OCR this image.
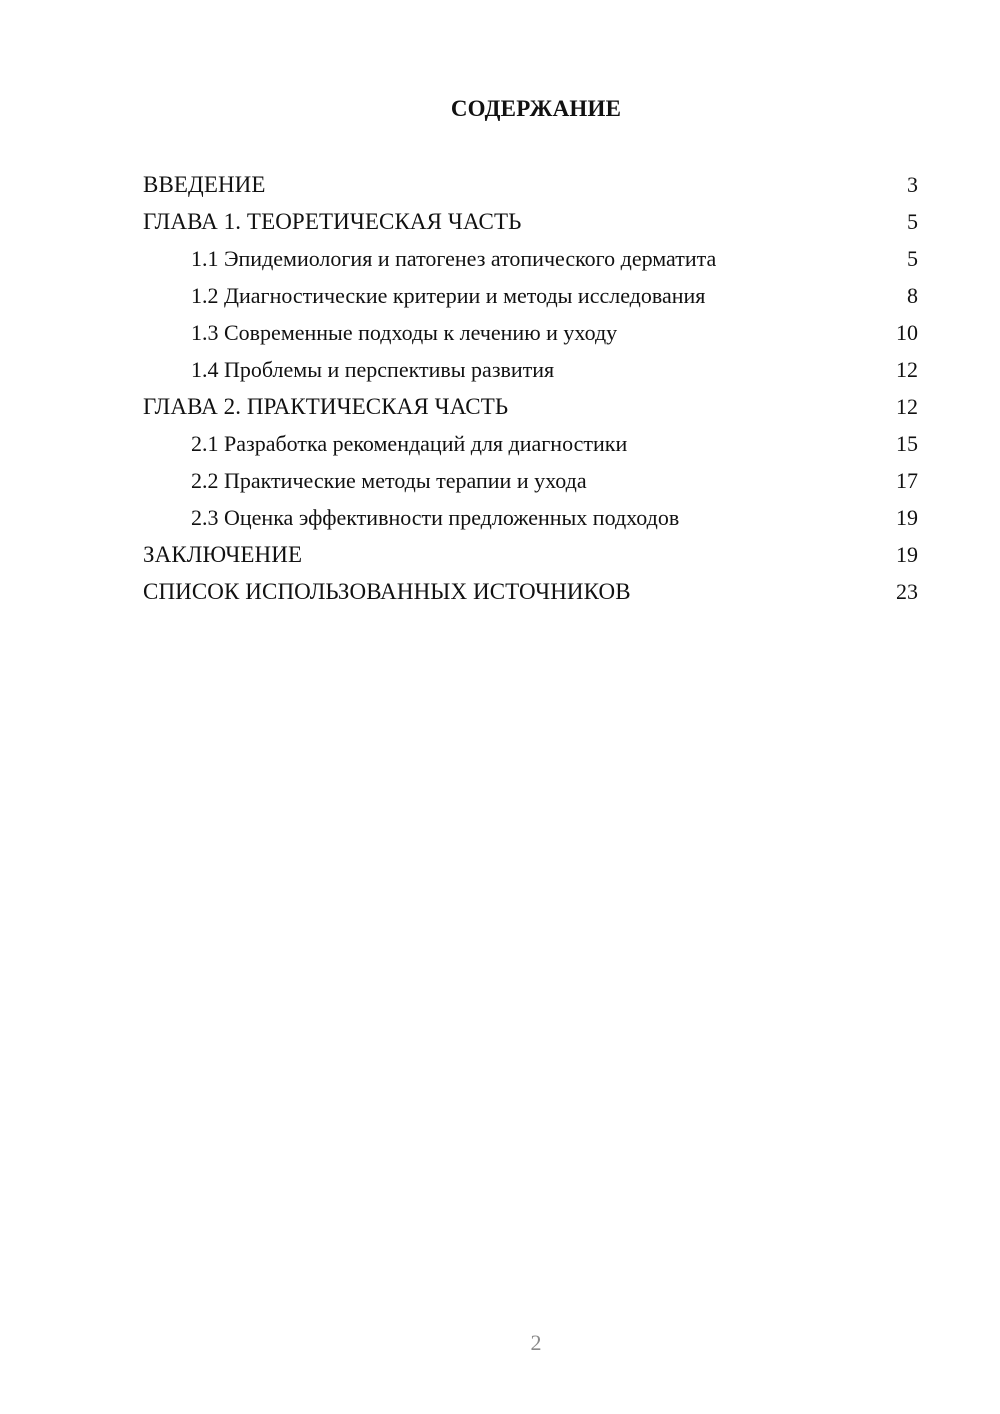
СОДЕРЖАНИЕ
ВВЕДЕНИЕ	3
ГЛАВА 1. ТЕОРЕТИЧЕСКАЯ ЧАСТЬ	5
1.1 Эпидемиология и патогенез атопического дерматита	5
1.2 Диагностические критерии и методы исследования	8
1.3 Современные подходы к лечению и уходу	10
1.4 Проблемы и перспективы развития	12
ГЛАВА 2. ПРАКТИЧЕСКАЯ ЧАСТЬ	12
2.1 Разработка рекомендаций для диагностики	15
2.2 Практические методы терапии и ухода	17
2.3 Оценка эффективности предложенных подходов	19
ЗАКЛЮЧЕНИЕ	19
СПИСОК ИСПОЛЬЗОВАННЫХ ИСТОЧНИКОВ	23
2
